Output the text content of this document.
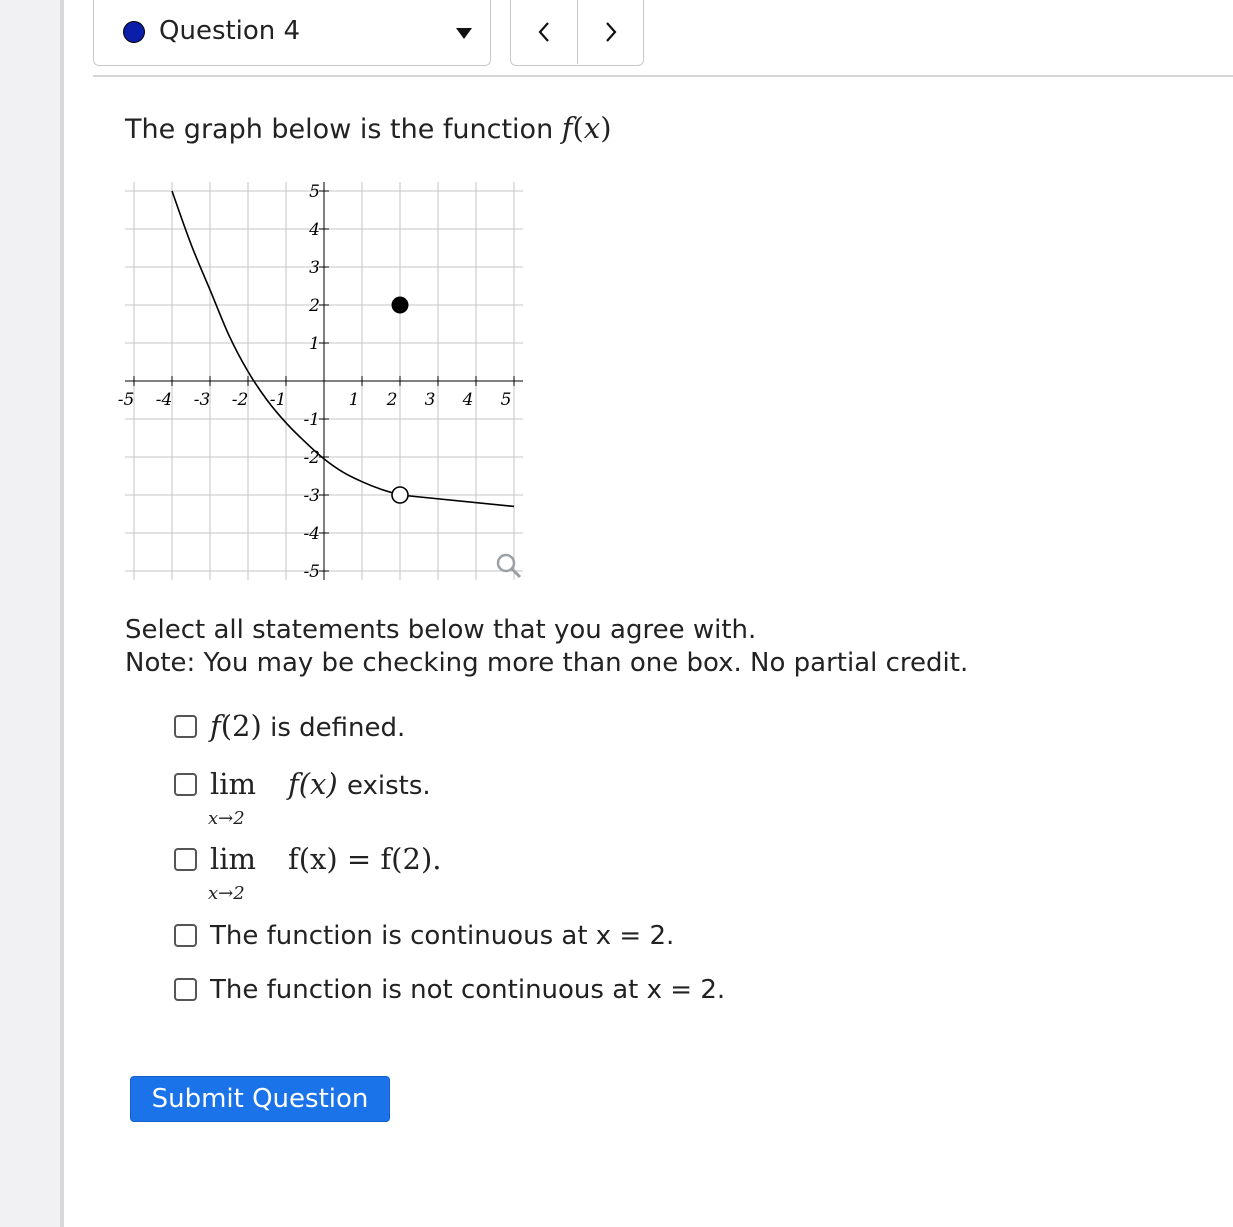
Question 4
The graph below is the function f(x)
-5 -4 -3 -2 -1	1 2 3 4 5
5
4
3
2
1
-1
-2
-3
-4
-5
Select all statements below that you agree with.
Note: You may be checking more than one box. No partial credit.
f(2) is defined.
lim
x→2
f(x) exists.
lim
x→2
f(x) = f(2).
The function is continuous at x = 2.
The function is not continuous at x = 2.
Submit Question
